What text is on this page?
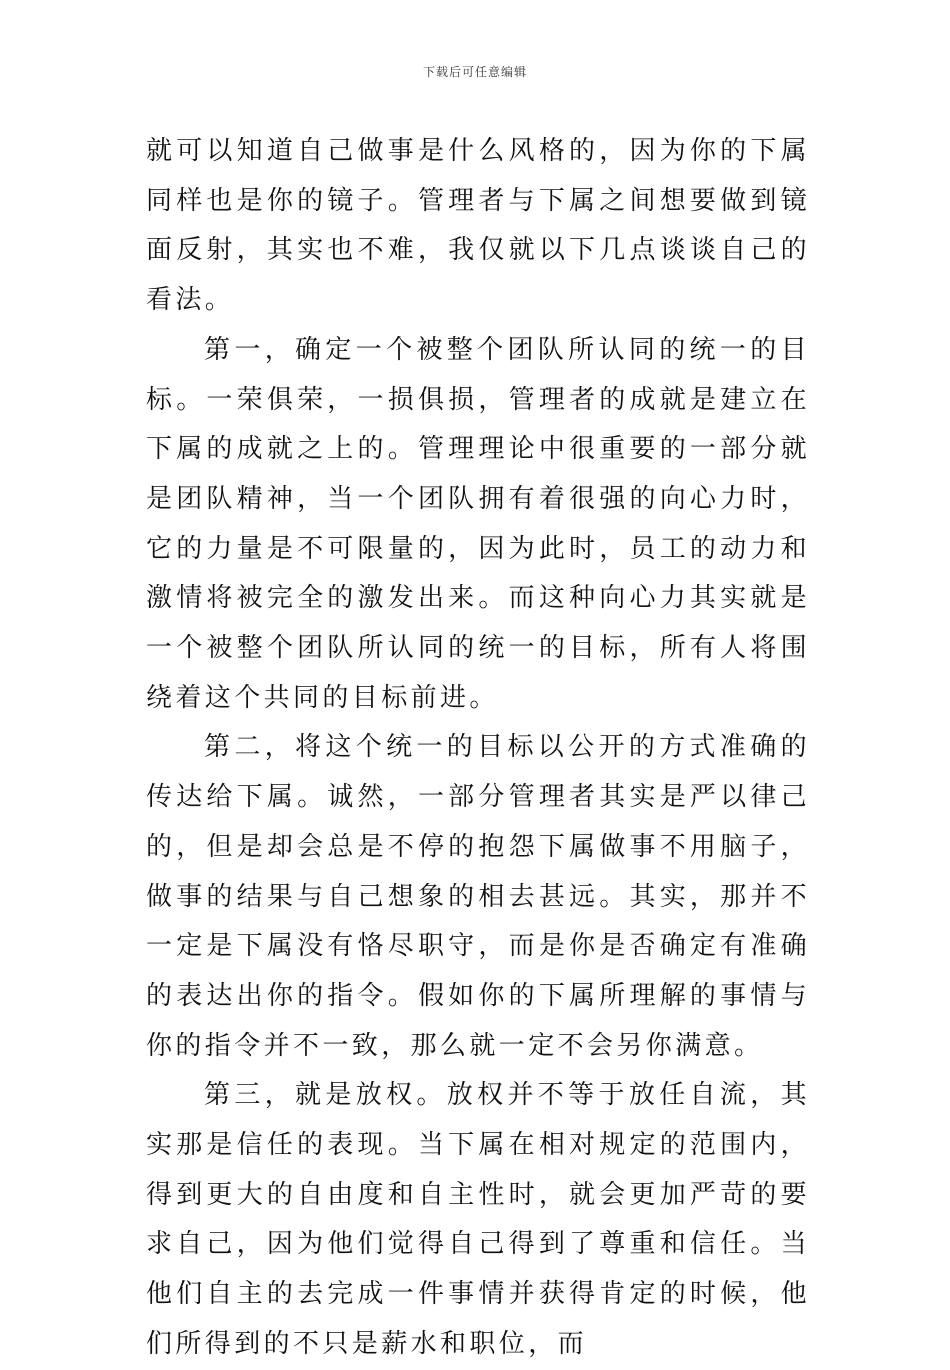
下载后可任意编辑

就可以知道自己做事是什么风格的，因为你的下属同样也是你的镜子。管理者与下属之间想要做到镜面反射，其实也不难，我仅就以下几点谈谈自己的看法。

第一，确定一个被整个团队所认同的统一的目标。一荣俱荣，一损俱损，管理者的成就是建立在下属的成就之上的。管理理论中很重要的一部分就是团队精神，当一个团队拥有着很强的向心力时，它的力量是不可限量的，因为此时，员工的动力和激情将被完全的激发出来。而这种向心力其实就是一个被整个团队所认同的统一的目标，所有人将围绕着这个共同的目标前进。

第二，将这个统一的目标以公开的方式准确的传达给下属。诚然，一部分管理者其实是严以律己的，但是却会总是不停的抱怨下属做事不用脑子，做事的结果与自己想象的相去甚远。其实，那并不一定是下属没有恪尽职守，而是你是否确定有准确的表达出你的指令。假如你的下属所理解的事情与你的指令并不一致，那么就一定不会另你满意。

第三，就是放权。放权并不等于放任自流，其实那是信任的表现。当下属在相对规定的范围内，得到更大的自由度和自主性时，就会更加严苛的要求自己，因为他们觉得自己得到了尊重和信任。当他们自主的去完成一件事情并获得肯定的时候，他们所得到的不只是薪水和职位，而
